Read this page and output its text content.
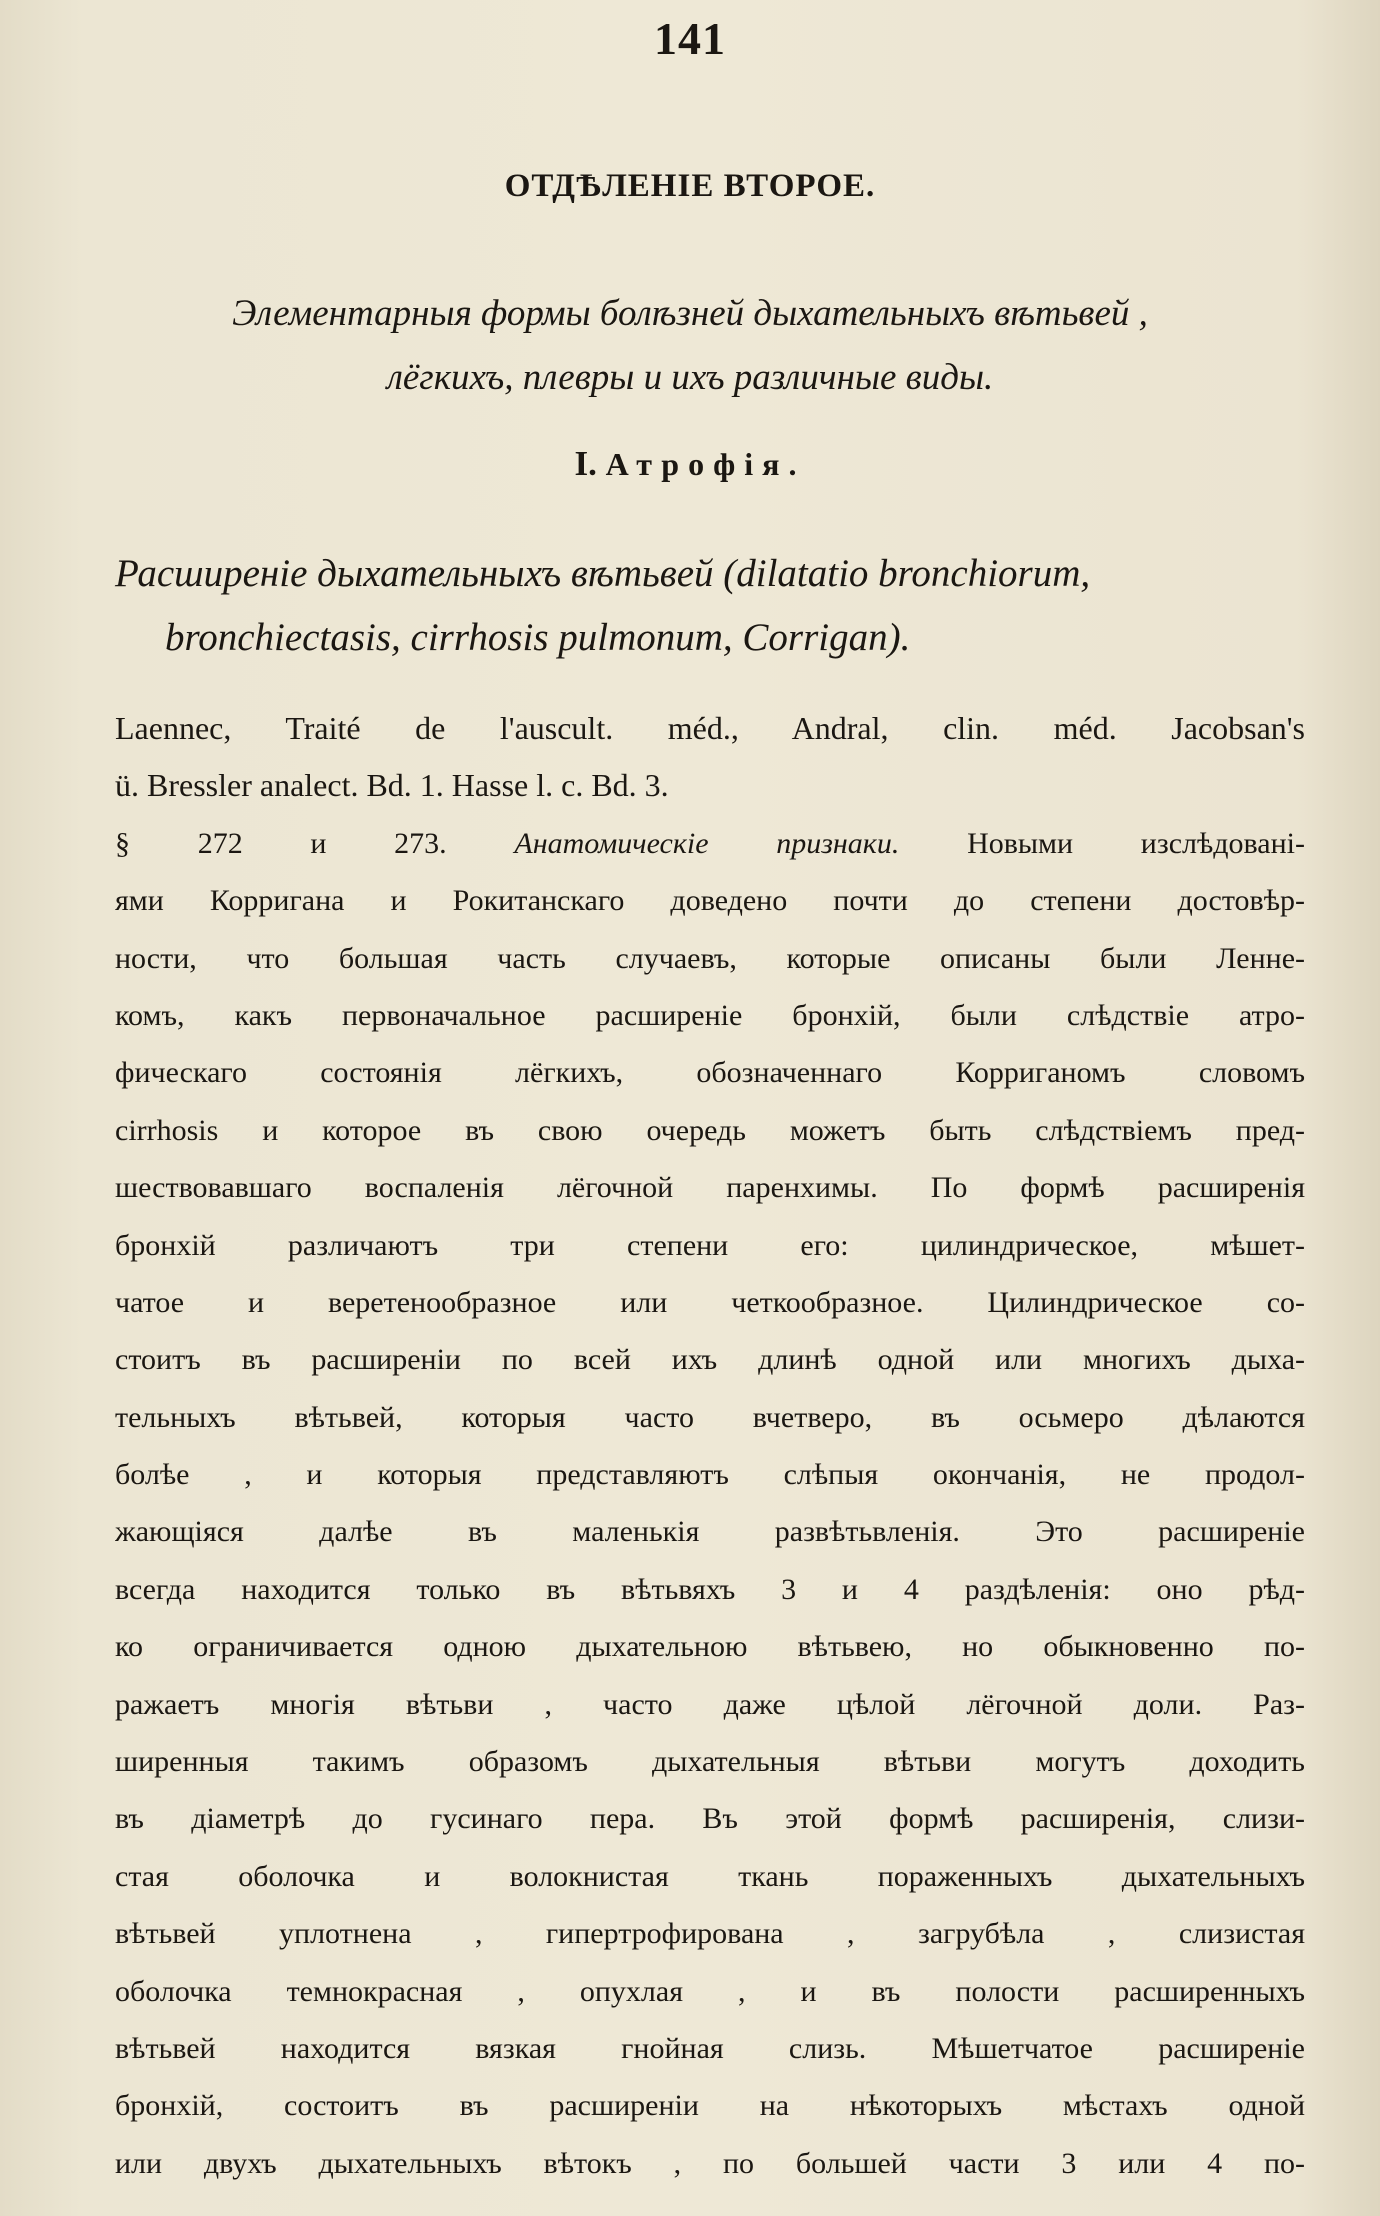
141
ОТДѢЛЕНІЕ ВТОРОЕ.
Элементарныя формы болѣзней дыхательныхъ вѣтьвей ,
лёгкихъ, плевры и ихъ различные виды.
I. Атрофія.
Расширеніе дыхательныхъ вѣтьвей (dilatatio bronchiorum,
bronchiectasis, cirrhosis pulmonum, Corrigan).
Laennec, Traité de l'auscult. méd., Andral, clin. méd. Jacobsan's
ü. Bressler analect. Bd. 1. Hasse l. c. Bd. 3.
§ 272 и 273. Анатомическіе признаки. Новыми изслѣдованi-
ями Корригана и Рокитанскаго доведено почти до степени достовѣр-
ности, что большая часть случаевъ, которые описаны были Леннe-
комъ, какъ первоначальное расширеніе бронхій, были слѣдствіе атро-
фическаго состоянія лёгкихъ, обозначеннаго Корриганомъ словомъ
cirrhosis и которое въ свою очередь можетъ быть слѣдствіемъ пред-
шествовавшаго воспаленія лёгочной паренхимы. По формѣ расширенія
бронхій различаютъ три степени его: цилиндрическое, мѣшет-
чатое и веретенообразное или четкообразное. Цилиндрическое со-
стоитъ въ расширеніи по всей ихъ длинѣ одной или многихъ дыха-
тельныхъ вѣтьвей, которыя часто вчетверо, въ осьмеро дѣлаются
болѣе , и которыя представляютъ слѣпыя окончанія, не продол-
жающіяся далѣе въ маленькія развѣтьвленія. Это расширеніе
всегда находится только въ вѣтьвяхъ 3 и 4 раздѣленія: оно рѣд-
ко ограничивается одною дыхательною вѣтьвею, но обыкновенно по-
ражаетъ многія вѣтьви , часто даже цѣлой лёгочной доли. Раз-
ширенныя такимъ образомъ дыхательныя вѣтьви могутъ доходить
въ діаметрѣ до гусинаго пера. Въ этой формѣ расширенія, слизи-
стая оболочка и волокнистая ткань пораженныхъ дыхательныхъ
вѣтьвей уплотнена , гипертрофирована , загрубѣла , слизистая
оболочка темнокрасная , опухлая , и въ полости расширенныхъ
вѣтьвей находится вязкая гнойная слизь. Мѣшетчатое расширеніе
бронхій, состоитъ въ расширеніи на нѣкоторыхъ мѣстахъ одной
или двухъ дыхательныхъ вѣтокъ , по большей части 3 или 4 по-
